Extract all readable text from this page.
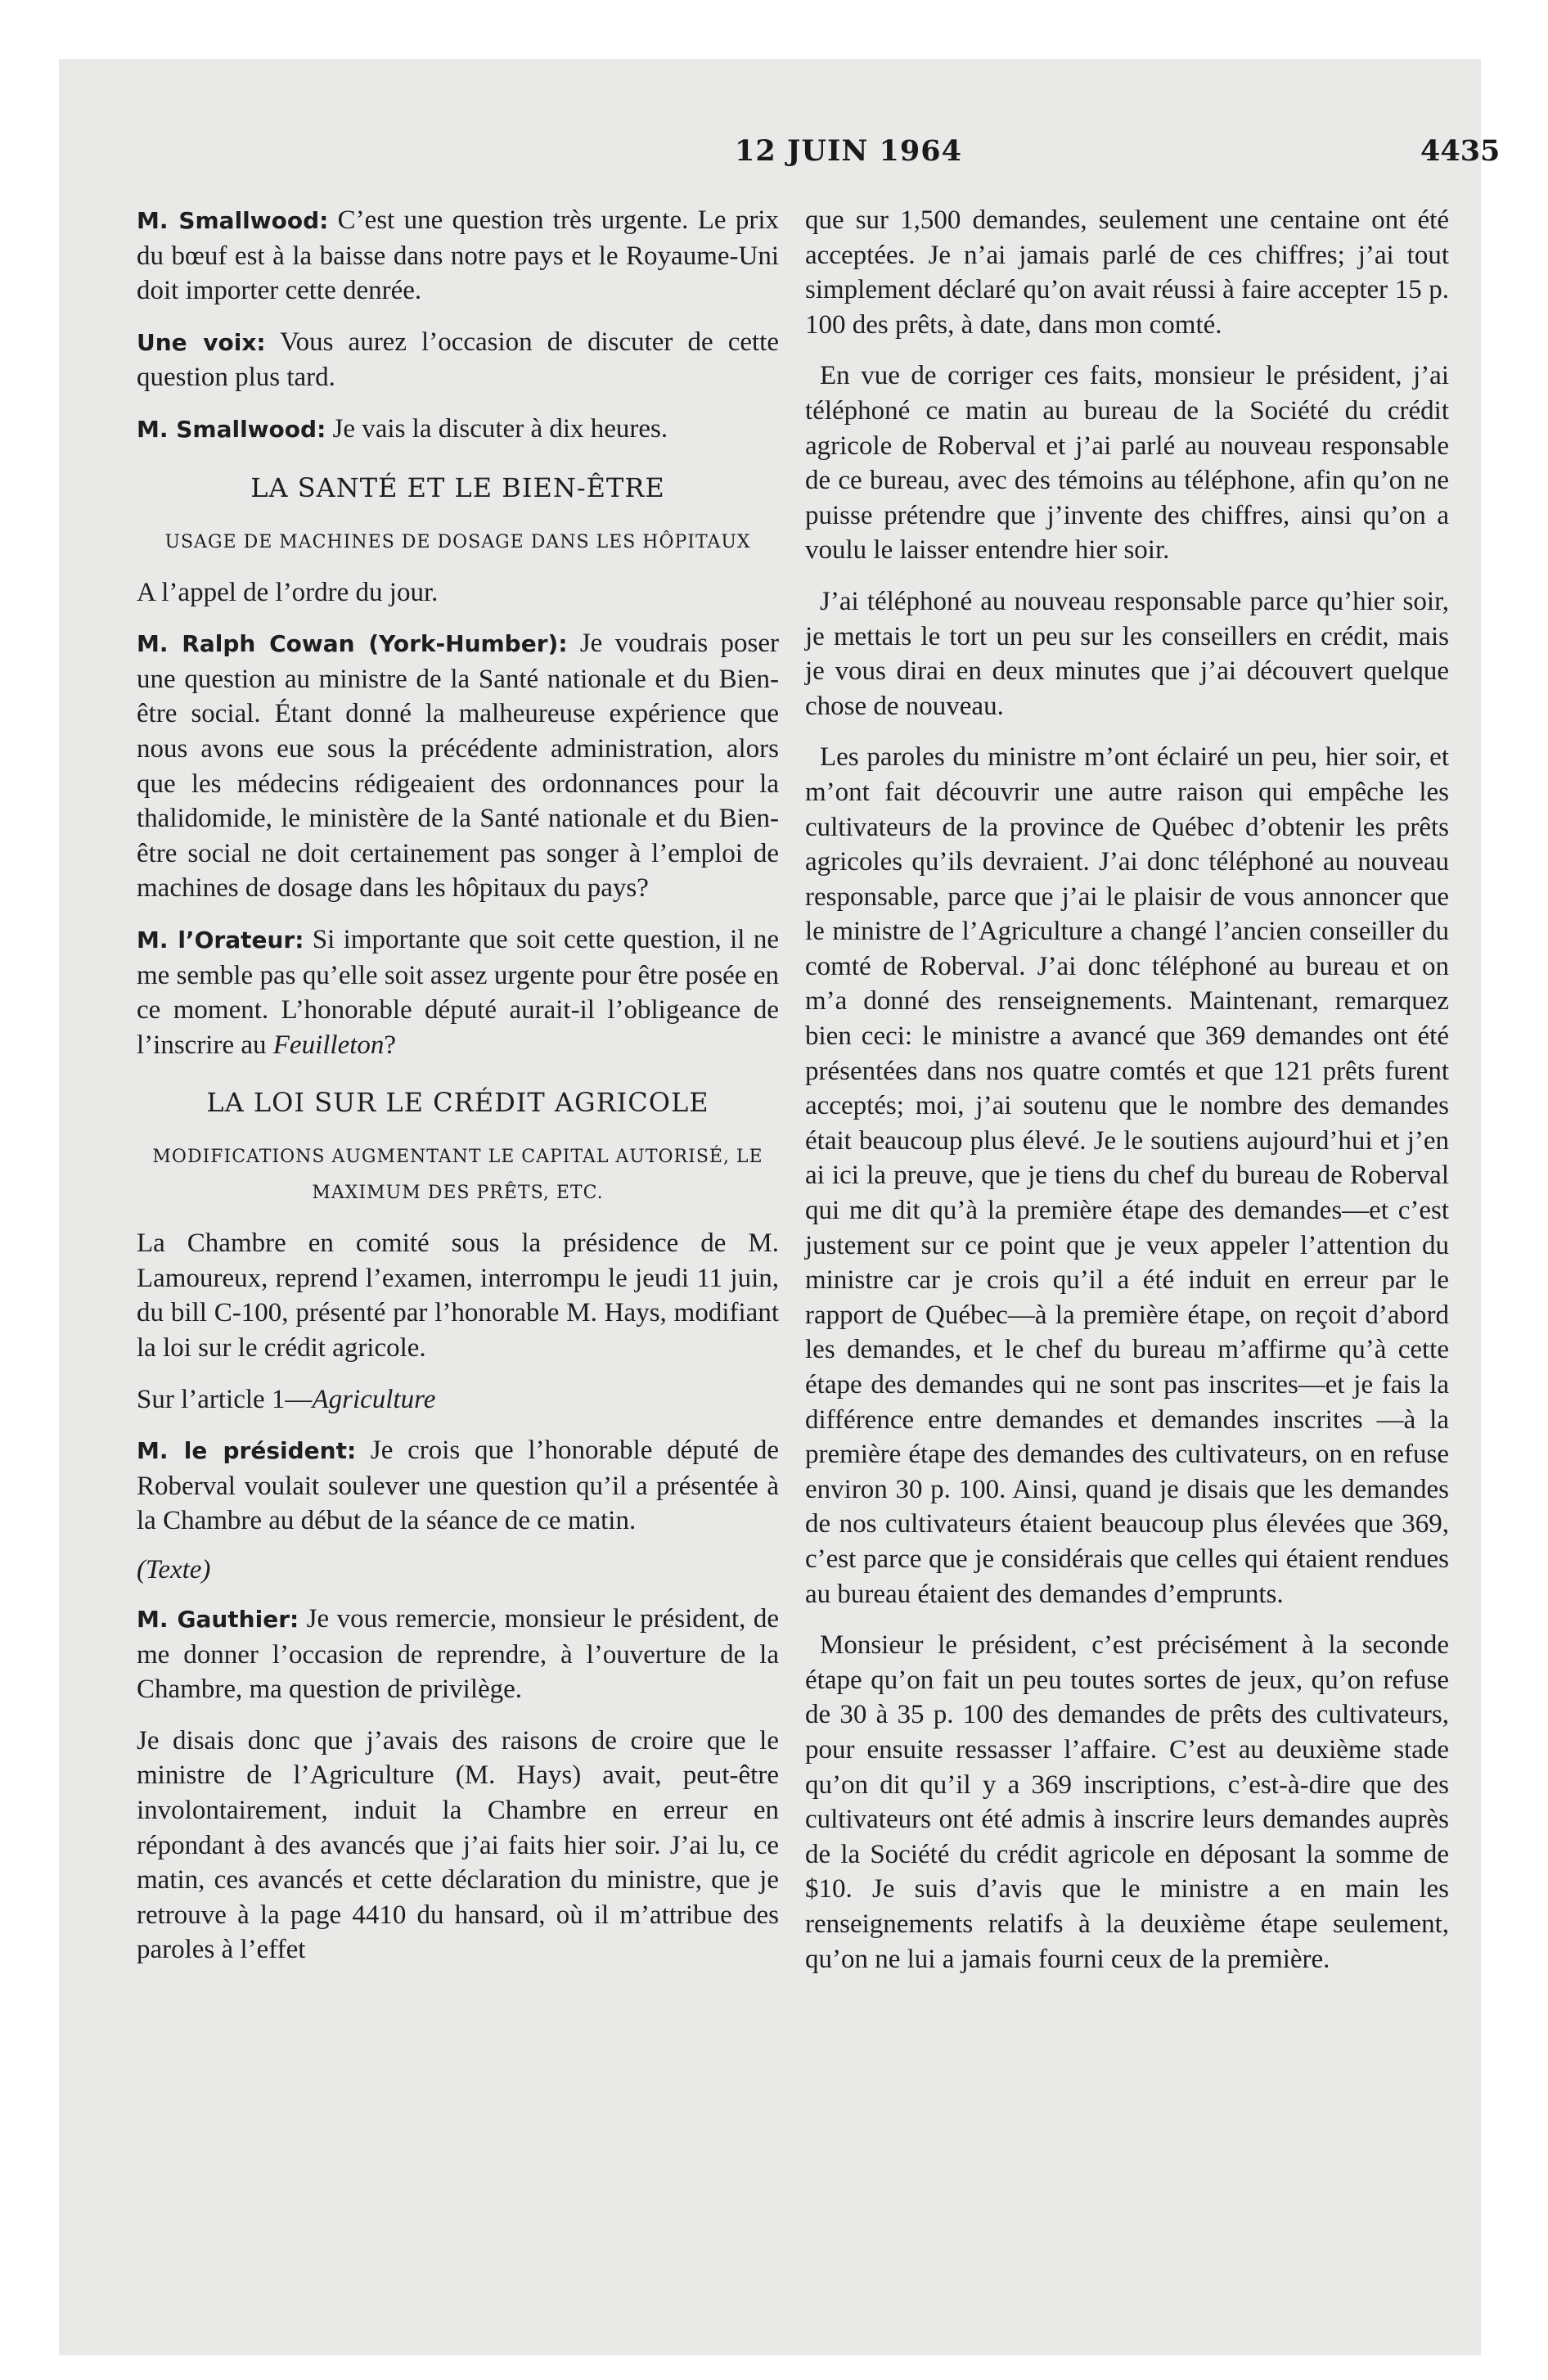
12 JUIN 1964	4435

M. Smallwood: C’est une question très urgente. Le prix du bœuf est à la baisse dans notre pays et le Royaume-Uni doit importer cette denrée.

Une voix: Vous aurez l’occasion de discuter de cette question plus tard.

M. Smallwood: Je vais la discuter à dix heures.

LA SANTÉ ET LE BIEN-ÊTRE
USAGE DE MACHINES DE DOSAGE DANS LES HÔPITAUX

A l’appel de l’ordre du jour.

M. Ralph Cowan (York-Humber): Je voudrais poser une question au ministre de la Santé nationale et du Bien-être social. Étant donné la malheureuse expérience que nous avons eue sous la précédente administration, alors que les médecins rédigeaient des ordonnances pour la thalidomide, le ministère de la Santé nationale et du Bien-être social ne doit certainement pas songer à l’emploi de machines de dosage dans les hôpitaux du pays?

M. l’Orateur: Si importante que soit cette question, il ne me semble pas qu’elle soit assez urgente pour être posée en ce moment. L’honorable député aurait-il l’obligeance de l’inscrire au Feuilleton?

LA LOI SUR LE CRÉDIT AGRICOLE
MODIFICATIONS AUGMENTANT LE CAPITAL AUTORISÉ, LE MAXIMUM DES PRÊTS, ETC.

La Chambre en comité sous la présidence de M. Lamoureux, reprend l’examen, interrompu le jeudi 11 juin, du bill C-100, présenté par l’honorable M. Hays, modifiant la loi sur le crédit agricole.

Sur l’article 1—Agriculture

M. le président: Je crois que l’honorable député de Roberval voulait soulever une question qu’il a présentée à la Chambre au début de la séance de ce matin.

(Texte)

M. Gauthier: Je vous remercie, monsieur le président, de me donner l’occasion de reprendre, à l’ouverture de la Chambre, ma question de privilège.

Je disais donc que j’avais des raisons de croire que le ministre de l’Agriculture (M. Hays) avait, peut-être involontairement, induit la Chambre en erreur en répondant à des avancés que j’ai faits hier soir. J’ai lu, ce matin, ces avancés et cette déclaration du ministre, que je retrouve à la page 4410 du hansard, où il m’attribue des paroles à l’effet

que sur 1,500 demandes, seulement une centaine ont été acceptées. Je n’ai jamais parlé de ces chiffres; j’ai tout simplement déclaré qu’on avait réussi à faire accepter 15 p. 100 des prêts, à date, dans mon comté.

En vue de corriger ces faits, monsieur le président, j’ai téléphoné ce matin au bureau de la Société du crédit agricole de Roberval et j’ai parlé au nouveau responsable de ce bureau, avec des témoins au téléphone, afin qu’on ne puisse prétendre que j’invente des chiffres, ainsi qu’on a voulu le laisser entendre hier soir.

J’ai téléphoné au nouveau responsable parce qu’hier soir, je mettais le tort un peu sur les conseillers en crédit, mais je vous dirai en deux minutes que j’ai découvert quelque chose de nouveau.

Les paroles du ministre m’ont éclairé un peu, hier soir, et m’ont fait découvrir une autre raison qui empêche les cultivateurs de la province de Québec d’obtenir les prêts agricoles qu’ils devraient. J’ai donc téléphoné au nouveau responsable, parce que j’ai le plaisir de vous annoncer que le ministre de l’Agriculture a changé l’ancien conseiller du comté de Roberval. J’ai donc téléphoné au bureau et on m’a donné des renseignements. Maintenant, remarquez bien ceci: le ministre a avancé que 369 demandes ont été présentées dans nos quatre comtés et que 121 prêts furent acceptés; moi, j’ai soutenu que le nombre des demandes était beaucoup plus élevé. Je le soutiens aujourd’hui et j’en ai ici la preuve, que je tiens du chef du bureau de Roberval qui me dit qu’à la première étape des demandes—et c’est justement sur ce point que je veux appeler l’attention du ministre car je crois qu’il a été induit en erreur par le rapport de Québec—à la première étape, on reçoit d’abord les demandes, et le chef du bureau m’affirme qu’à cette étape des demandes qui ne sont pas inscrites—et je fais la différence entre demandes et demandes inscrites —à la première étape des demandes des cultivateurs, on en refuse environ 30 p. 100. Ainsi, quand je disais que les demandes de nos cultivateurs étaient beaucoup plus élevées que 369, c’est parce que je considérais que celles qui étaient rendues au bureau étaient des demandes d’emprunts.

Monsieur le président, c’est précisément à la seconde étape qu’on fait un peu toutes sortes de jeux, qu’on refuse de 30 à 35 p. 100 des demandes de prêts des cultivateurs, pour ensuite ressasser l’affaire. C’est au deuxième stade qu’on dit qu’il y a 369 inscriptions, c’est-à-dire que des cultivateurs ont été admis à inscrire leurs demandes auprès de la Société du crédit agricole en déposant la somme de $10. Je suis d’avis que le ministre a en main les renseignements relatifs à la deuxième étape seulement, qu’on ne lui a jamais fourni ceux de la première.
